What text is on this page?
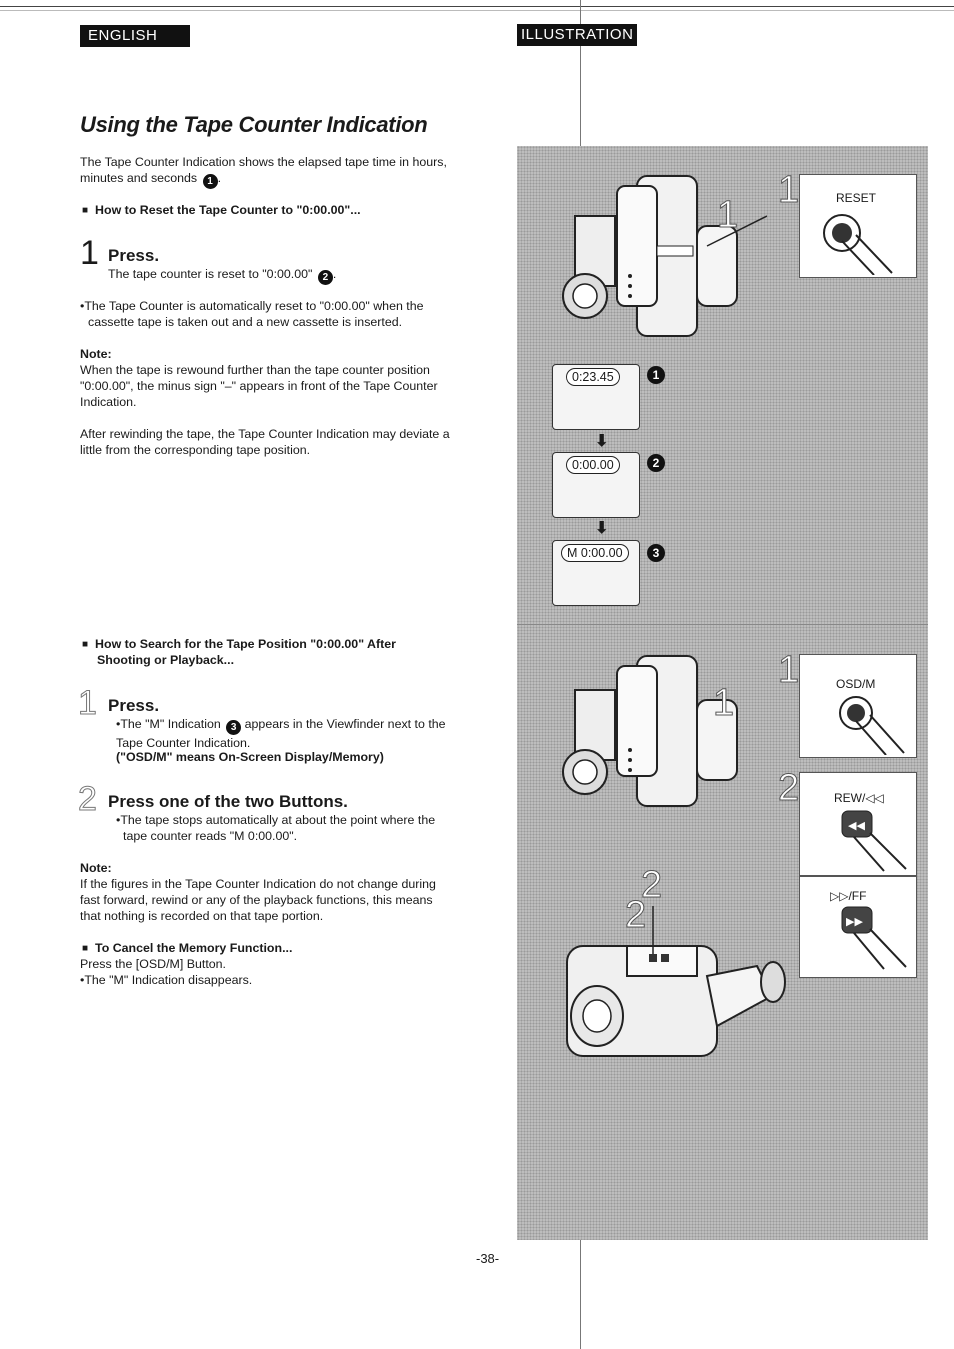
ENGLISH	ILLUSTRATION
Using the Tape Counter Indication
The Tape Counter Indication shows the elapsed tape time in hours, minutes and seconds 1 .
■ How to Reset the Tape Counter to "0:00.00"...
1 Press.
The tape counter is reset to "0:00.00" 2 .
•The Tape Counter is automatically reset to "0:00.00" when the cassette tape is taken out and a new cassette is inserted.
Note:
When the tape is rewound further than the tape counter position "0:00.00", the minus sign "–" appears in front of the Tape Counter Indication.
After rewinding the tape, the Tape Counter Indication may deviate a little from the corresponding tape position.
■ How to Search for the Tape Position "0:00.00" After
Shooting or Playback...
1 Press.
•The "M" Indication 3 appears in the Viewfinder next to the
Tape Counter Indication.
("OSD/M" means On-Screen Display/Memory)
2 Press one of the two Buttons.
•The tape stops automatically at about the point where the tape counter reads "M 0:00.00".
Note:
If the figures in the Tape Counter Indication do not change during fast forward, rewind or any of the playback functions, this means that nothing is recorded on that tape portion.
■ To Cancel the Memory Function...
Press the [OSD/M] Button.
•The "M" Indication disappears.
1
1	RESET
0:23.45	1
⬇
0:00.00	2
⬇
M 0:00.00	3
1
2
2
1	OSD/M
2	REW/◁◁
◀◀
▷▷/FF
▶▶
-38-
